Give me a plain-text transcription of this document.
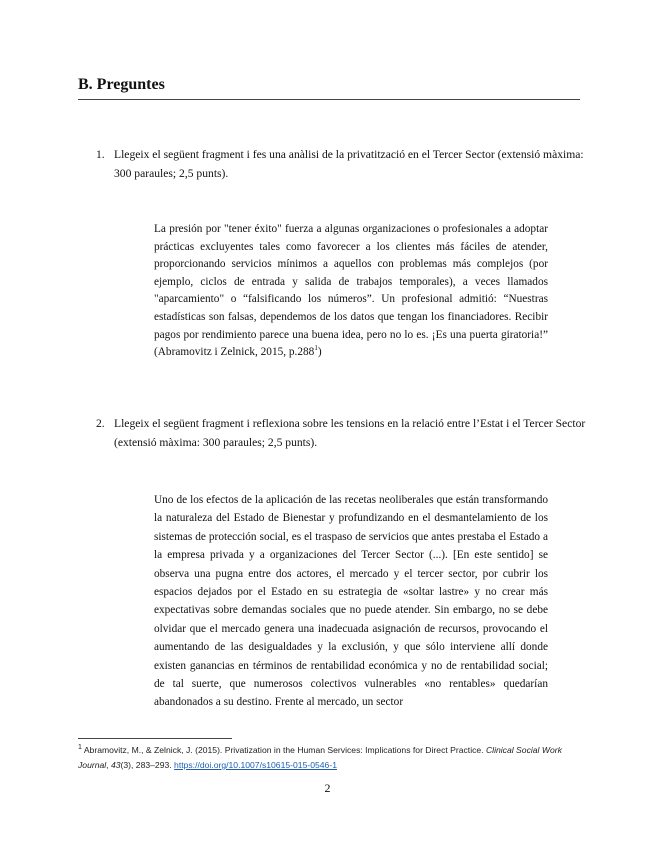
B. Preguntes
1. Llegeix el següent fragment i fes una anàlisi de la privatització en el Tercer Sector (extensió màxima: 300 paraules; 2,5 punts).
La presión por "tener éxito" fuerza a algunas organizaciones o profesionales a adoptar prácticas excluyentes tales como favorecer a los clientes más fáciles de atender, proporcionando servicios mínimos a aquellos con problemas más complejos (por ejemplo, ciclos de entrada y salida de trabajos temporales), a veces llamados "aparcamiento" o “falsificando los números”. Un profesional admitió: “Nuestras estadísticas son falsas, dependemos de los datos que tengan los financiadores. Recibir pagos por rendimiento parece una buena idea, pero no lo es. ¡Es una puerta giratoria!” (Abramovitz i Zelnick, 2015, p.288$^1$)
2. Llegeix el següent fragment i reflexiona sobre les tensions en la relació entre l’Estat i el Tercer Sector (extensió màxima: 300 paraules; 2,5 punts).
Uno de los efectos de la aplicación de las recetas neoliberales que están transformando la naturaleza del Estado de Bienestar y profundizando en el desmantelamiento de los sistemas de protección social, es el traspaso de servicios que antes prestaba el Estado a la empresa privada y a organizaciones del Tercer Sector (...). [En este sentido] se observa una pugna entre dos actores, el mercado y el tercer sector, por cubrir los espacios dejados por el Estado en su estrategia de «soltar lastre» y no crear más expectativas sobre demandas sociales que no puede atender. Sin embargo, no se debe olvidar que el mercado genera una inadecuada asignación de recursos, provocando el aumentando de las desigualdades y la exclusión, y que sólo interviene allí donde existen ganancias en términos de rentabilidad económica y no de rentabilidad social; de tal suerte, que numerosos colectivos vulnerables «no rentables» quedarían abandonados a su destino. Frente al mercado, un sector
$^1$ Abramovitz, M., & Zelnick, J. (2015). Privatization in the Human Services: Implications for Direct Practice. Clinical Social Work Journal, 43(3), 283–293. https://doi.org/10.1007/s10615-015-0546-1
2
